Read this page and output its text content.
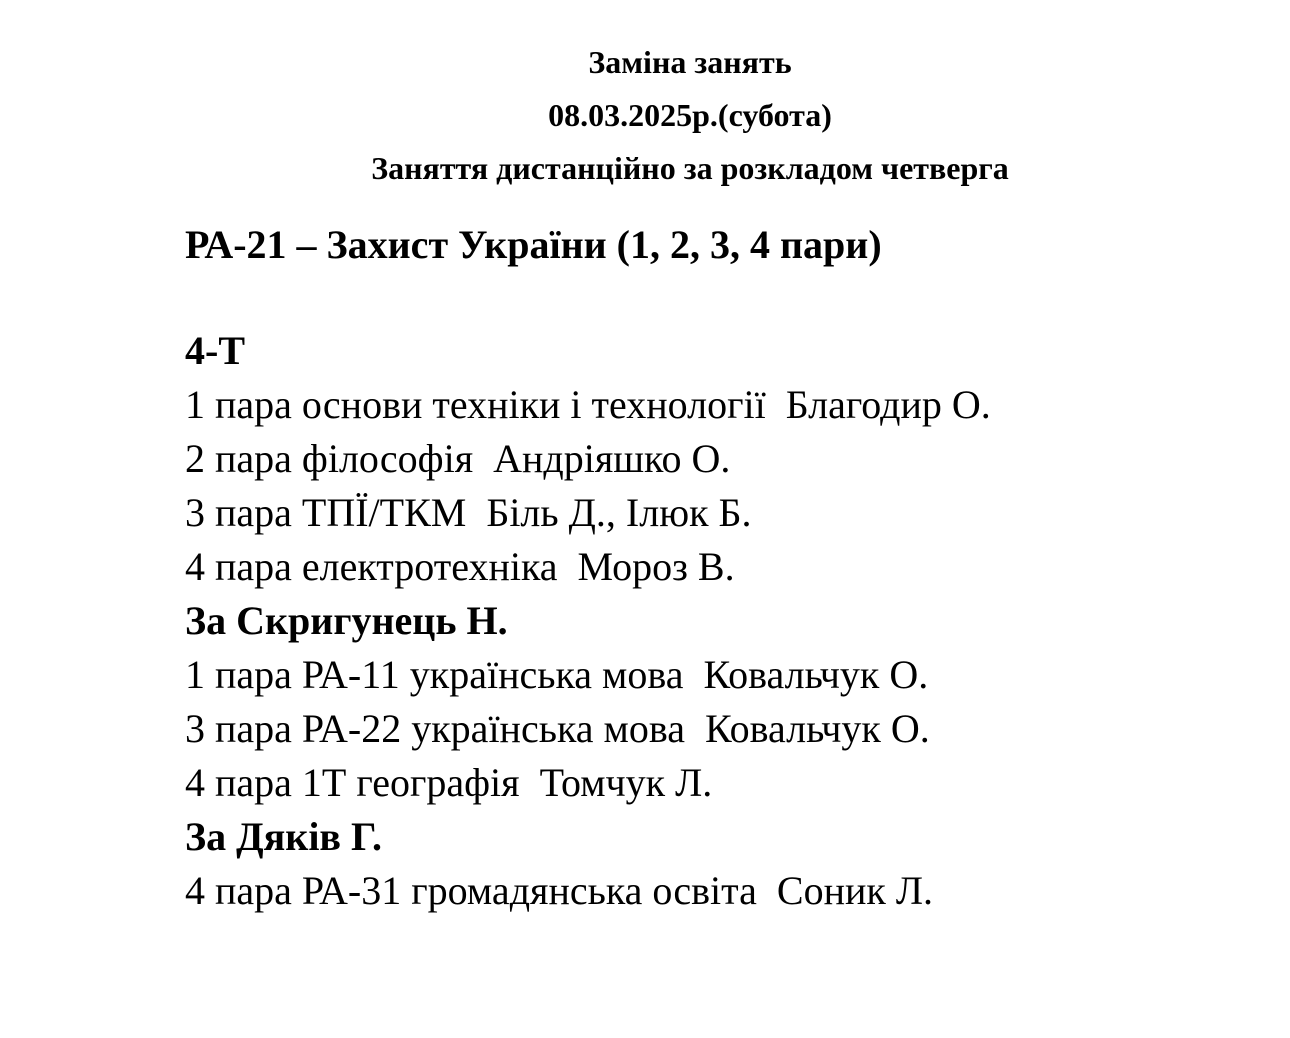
Заміна занять
08.03.2025р.(субота)
Заняття дистанційно за розкладом четверга
РА-21 – Захист України (1, 2, 3, 4 пари)
4-Т
1 пара основи техніки і технології  Благодир О.
2 пара філософія  Андріяшко О.
3 пара ТПЇ/ТКМ  Біль Д., Ілюк Б.
4 пара електротехніка  Мороз В.
За Скригунець Н.
1 пара РА-11 українська мова  Ковальчук О.
3 пара РА-22 українська мова  Ковальчук О.
4 пара 1Т географія  Томчук Л.
За Дяків Г.
4 пара РА-31 громадянська освіта  Соник Л.
